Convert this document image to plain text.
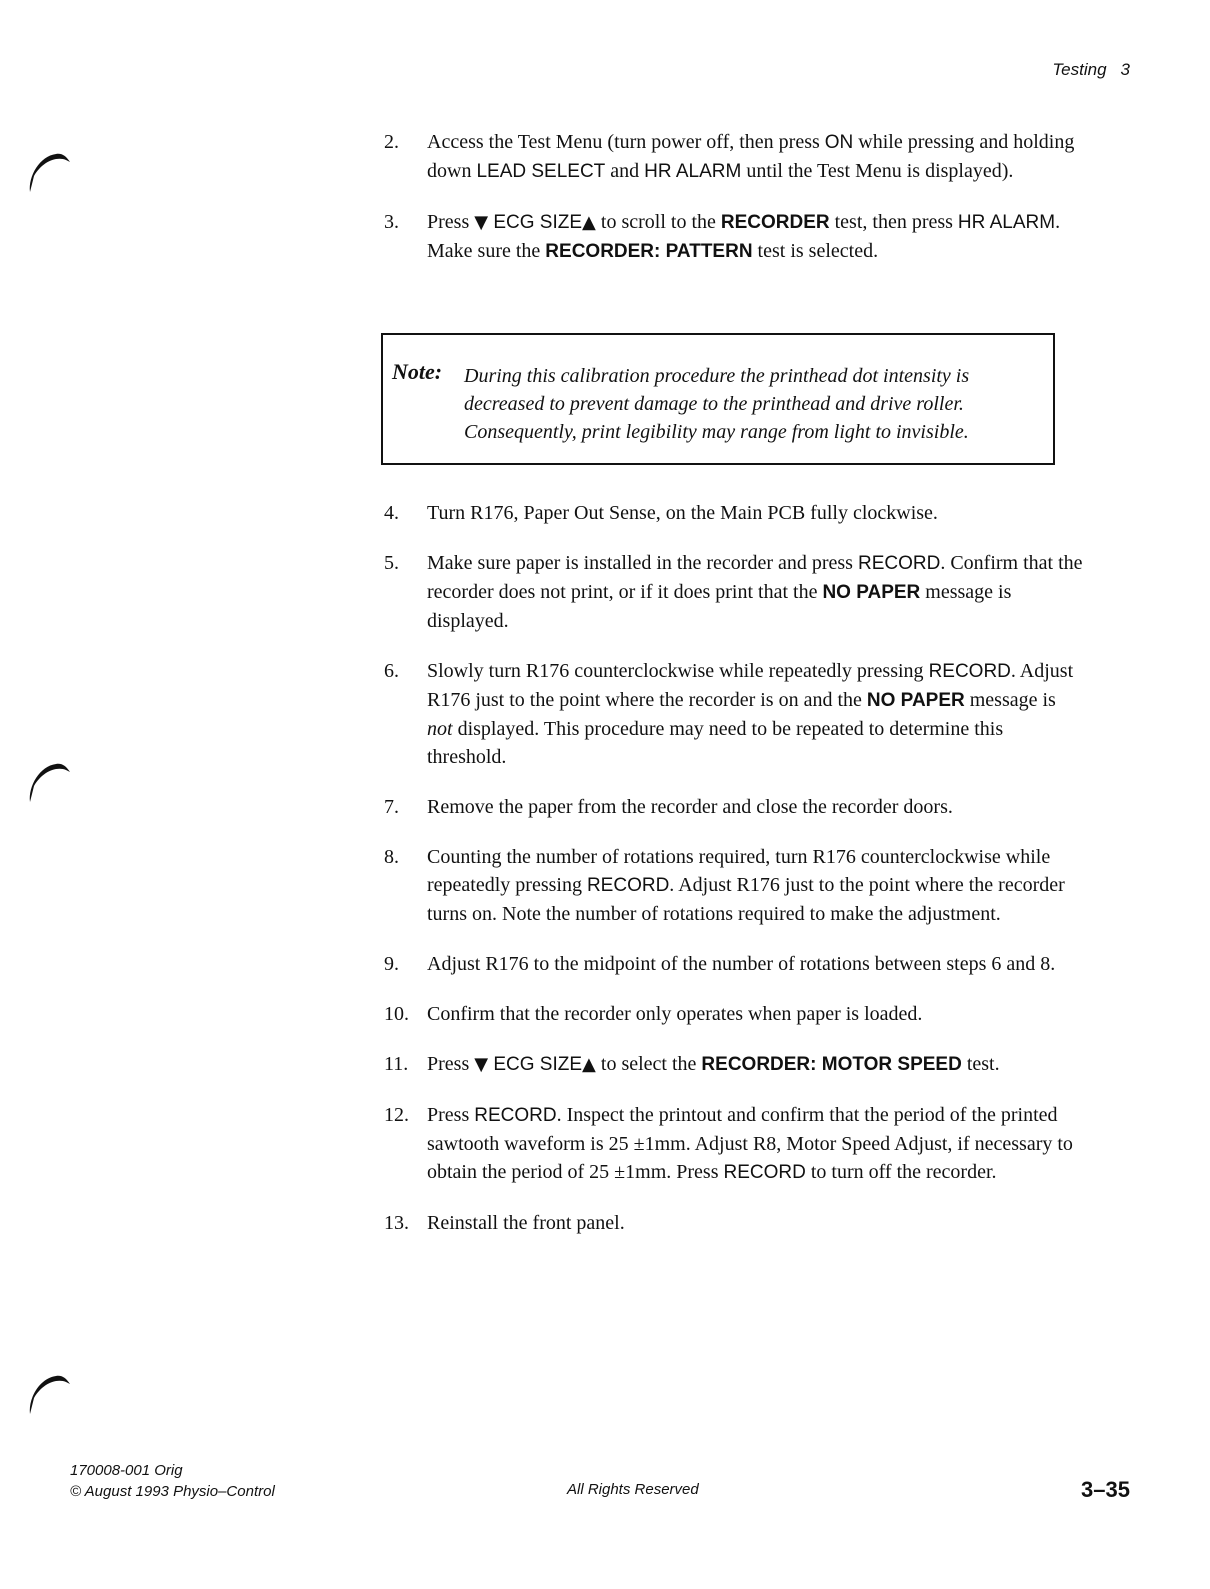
Testing 3
2. Access the Test Menu (turn power off, then press ON while pressing and holding down LEAD SELECT and HR ALARM until the Test Menu is displayed).
3. Press ▼ ECG SIZE▲ to scroll to the RECORDER test, then press HR ALARM. Make sure the RECORDER: PATTERN test is selected.
Note: During this calibration procedure the printhead dot intensity is decreased to prevent damage to the printhead and drive roller. Consequently, print legibility may range from light to invisible.
4. Turn R176, Paper Out Sense, on the Main PCB fully clockwise.
5. Make sure paper is installed in the recorder and press RECORD. Confirm that the recorder does not print, or if it does print that the NO PAPER message is displayed.
6. Slowly turn R176 counterclockwise while repeatedly pressing RECORD. Adjust R176 just to the point where the recorder is on and the NO PAPER message is not displayed. This procedure may need to be repeated to determine this threshold.
7. Remove the paper from the recorder and close the recorder doors.
8. Counting the number of rotations required, turn R176 counterclockwise while repeatedly pressing RECORD. Adjust R176 just to the point where the recorder turns on. Note the number of rotations required to make the adjustment.
9. Adjust R176 to the midpoint of the number of rotations between steps 6 and 8.
10. Confirm that the recorder only operates when paper is loaded.
11. Press ▼ ECG SIZE▲ to select the RECORDER: MOTOR SPEED test.
12. Press RECORD. Inspect the printout and confirm that the period of the printed sawtooth waveform is 25 ±1mm. Adjust R8, Motor Speed Adjust, if necessary to obtain the period of 25 ±1mm. Press RECORD to turn off the recorder.
13. Reinstall the front panel.
170008-001 Orig
© August 1993 Physio–Control	All Rights Reserved	3–35
